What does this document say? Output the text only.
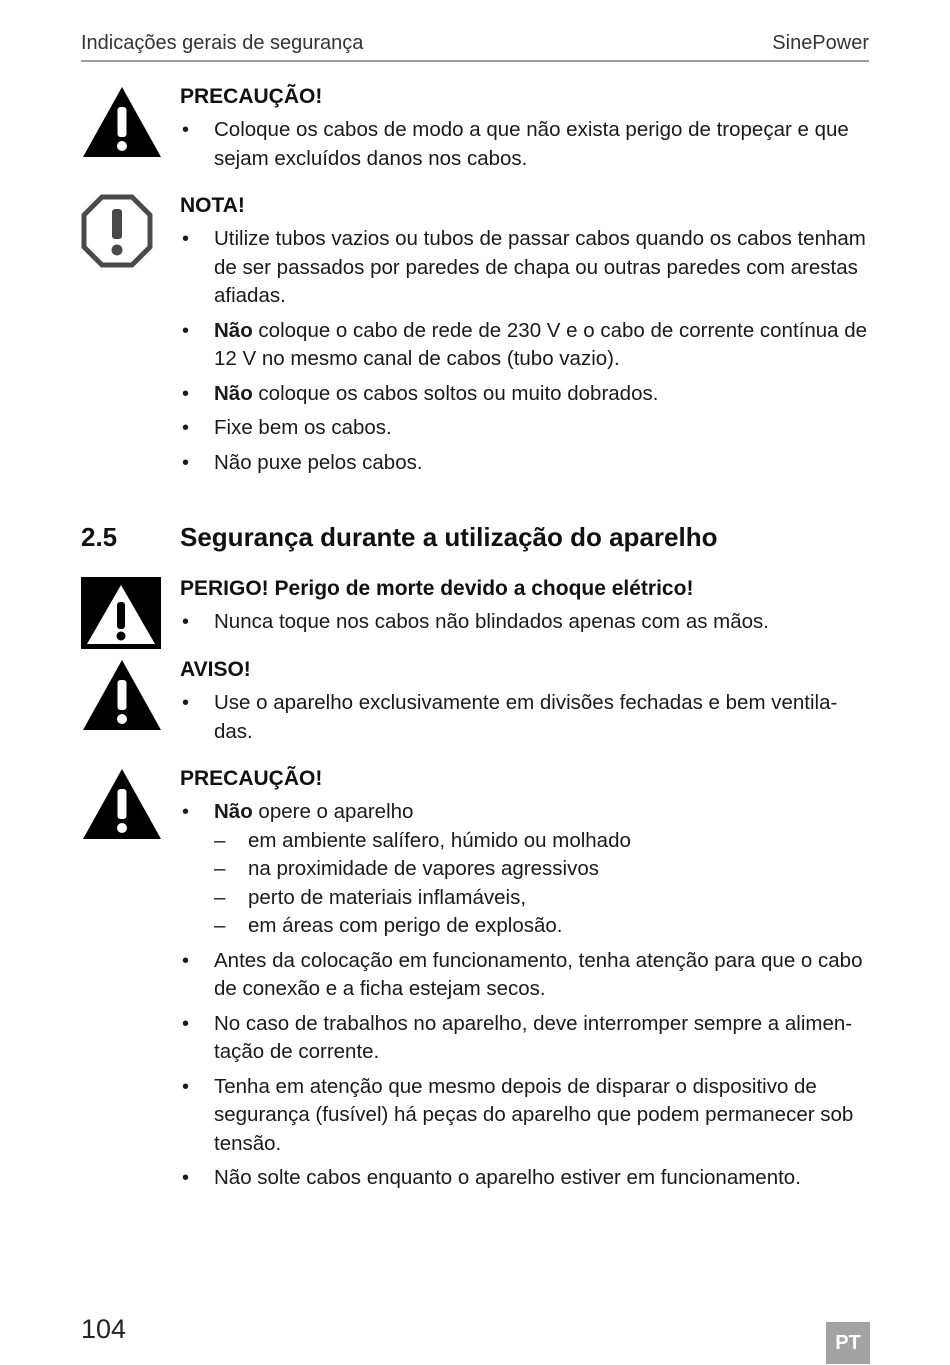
Indicações gerais de segurança	SinePower
PRECAUÇÃO!
• Coloque os cabos de modo a que não exista perigo de tropeçar e que sejam excluídos danos nos cabos.
NOTA!
• Utilize tubos vazios ou tubos de passar cabos quando os cabos tenham de ser passados por paredes de chapa ou outras paredes com arestas afiadas.
• Não coloque o cabo de rede de 230 V e o cabo de corrente contínua de 12 V no mesmo canal de cabos (tubo vazio).
• Não coloque os cabos soltos ou muito dobrados.
• Fixe bem os cabos.
• Não puxe pelos cabos.
2.5 Segurança durante a utilização do aparelho
PERIGO! Perigo de morte devido a choque elétrico!
• Nunca toque nos cabos não blindados apenas com as mãos.
AVISO!
• Use o aparelho exclusivamente em divisões fechadas e bem ventila-das.
PRECAUÇÃO!
• Não opere o aparelho
– em ambiente salífero, húmido ou molhado
– na proximidade de vapores agressivos
– perto de materiais inflamáveis,
– em áreas com perigo de explosão.
• Antes da colocação em funcionamento, tenha atenção para que o cabo de conexão e a ficha estejam secos.
• No caso de trabalhos no aparelho, deve interromper sempre a alimen-tação de corrente.
• Tenha em atenção que mesmo depois de disparar o dispositivo de segurança (fusível) há peças do aparelho que podem permanecer sob tensão.
• Não solte cabos enquanto o aparelho estiver em funcionamento.
104	PT
